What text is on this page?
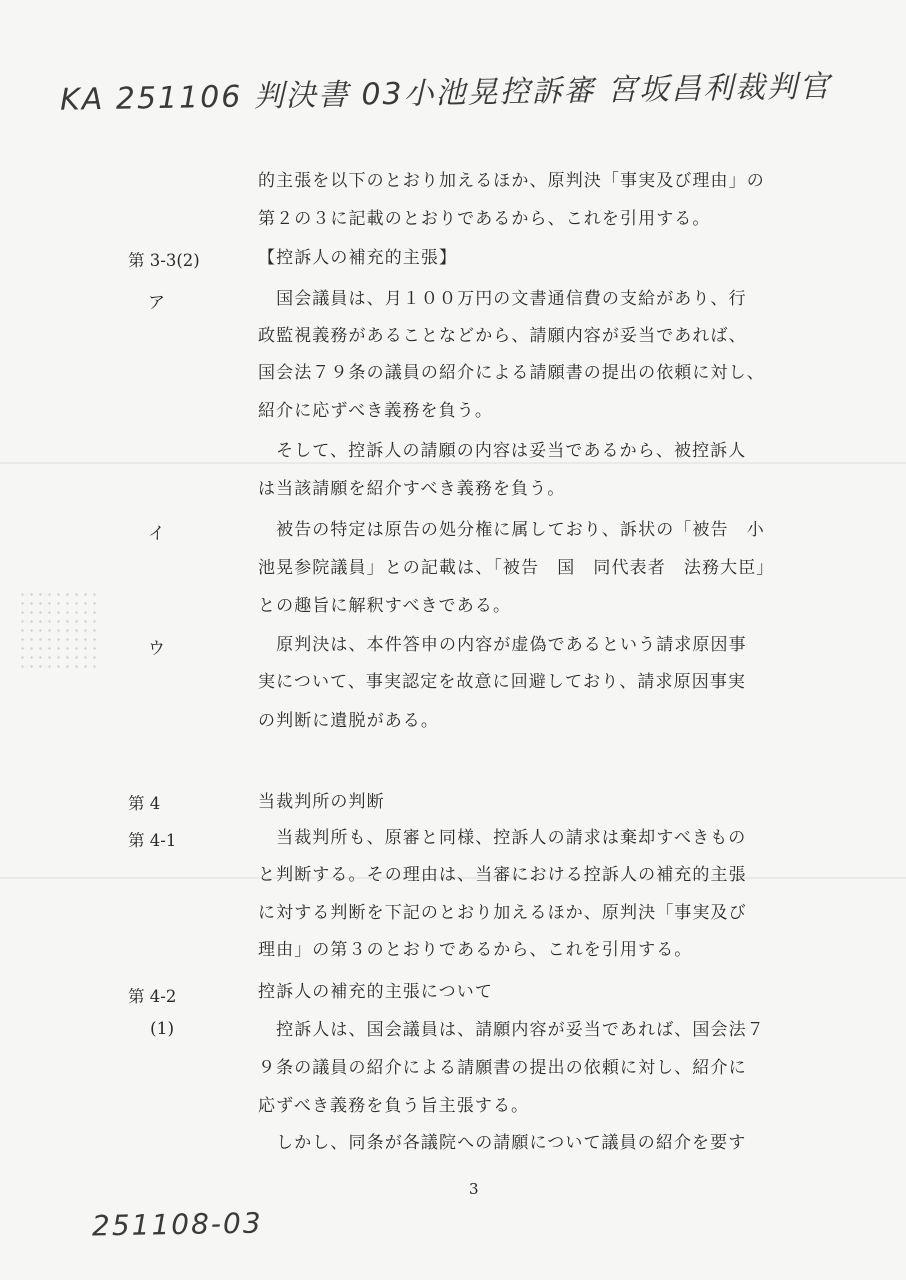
KA 251106 判決書 03小池晃控訴審 宮坂昌利裁判官
的主張を以下のとおり加えるほか、原判決「事実及び理由」の
第２の３に記載のとおりであるから、これを引用する。
第 3-3(2)	【控訴人の補充的主張】
ア	　国会議員は、月１００万円の文書通信費の支給があり、行
政監視義務があることなどから、請願内容が妥当であれば、
国会法７９条の議員の紹介による請願書の提出の依頼に対し、
紹介に応ずべき義務を負う。
　そして、控訴人の請願の内容は妥当であるから、被控訴人
は当該請願を紹介すべき義務を負う。
イ	　被告の特定は原告の処分権に属しており、訴状の「被告　小
池晃参院議員」との記載は、「被告　国　同代表者　法務大臣」
との趣旨に解釈すべきである。
ウ	　原判決は、本件答申の内容が虚偽であるという請求原因事
実について、事実認定を故意に回避しており、請求原因事実
の判断に遺脱がある。
第 4	当裁判所の判断
第 4-1	　当裁判所も、原審と同様、控訴人の請求は棄却すべきもの
と判断する。その理由は、当審における控訴人の補充的主張
に対する判断を下記のとおり加えるほか、原判決「事実及び
理由」の第３のとおりであるから、これを引用する。
第 4-2	控訴人の補充的主張について
(1)	　控訴人は、国会議員は、請願内容が妥当であれば、国会法７
９条の議員の紹介による請願書の提出の依頼に対し、紹介に
応ずべき義務を負う旨主張する。
　しかし、同条が各議院への請願について議員の紹介を要す
3
251108-03
